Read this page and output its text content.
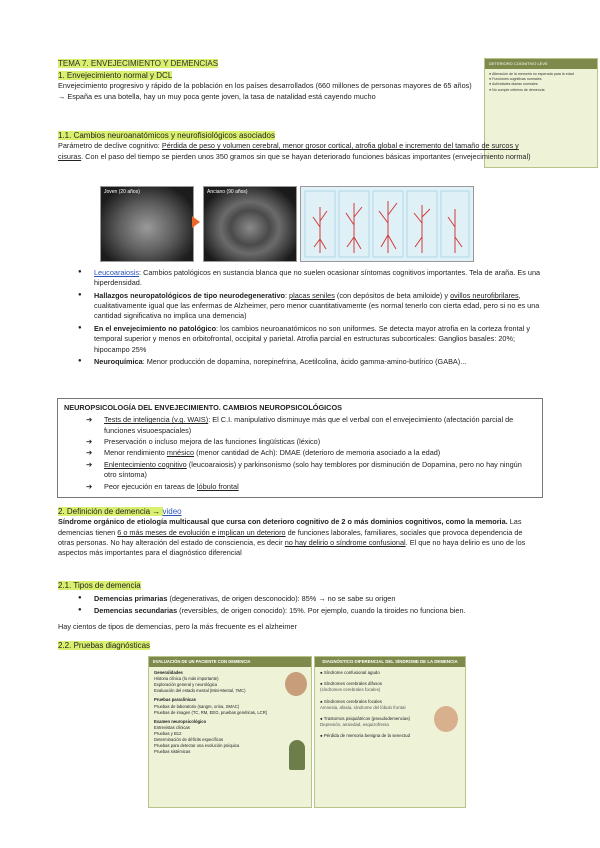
TEMA 7. ENVEJECIMIENTO Y DEMENCIAS	DETERIORO COGNITIVO LEVE
● Alteración de la memoria no esperada para la edad
● Funciones cognitivas normales
● Actividades diarias normales
● No cumple criterios de demencia

1. Envejecimiento normal y DCL

Envejecimiento progresivo y rápido de la población en los países desarrollados (660 millones de personas mayores de 65 años) → España es una botella, hay un muy poca gente joven, la tasa de natalidad está cayendo mucho

1.1. Cambios neuroanatómicos y neurofisiológicos asociados

Parámetro de declive cognitivo: Pérdida de peso y volumen cerebral, menor grosor cortical, atrofia global e incremento del tamaño de surcos y cisuras. Con el paso del tiempo se pierden unos 350 gramos sin que se hayan deteriorado funciones básicas importantes (envejecimiento normal)

Joven (20 años)	Anciano (90 años)
● Leucoaraiosis: Cambios patológicos en sustancia blanca que no suelen ocasionar síntomas cognitivos importantes. Tela de araña. Es una hiperdensidad.
● Hallazgos neuropatológicos de tipo neurodegenerativo: placas seniles (con depósitos de beta amiloide) y ovillos neurofibrilares, cualitativamente igual que las enfermas de Alzheimer, pero menor cuantitativamente (es normal tenerlo con cierta edad, pero si no es una cantidad significativa no implica una demencia)
● En el envejecimiento no patológico: los cambios neuroanatómicos no son uniformes. Se detecta mayor atrofia en la corteza frontal y temporal superior y menos en orbitofrontal, occipital y parietal. Atrofia parcial en estructuras subcorticales: Ganglios basales: 20%; hipocampo 25%
● Neuroquímica: Menor producción de dopamina, norepinefrina, Acetilcolina, ácido gamma-amino-butírico (GABA)...
NEUROPSICOLOGÍA DEL ENVEJECIMIENTO. CAMBIOS NEUROPSICOLÓGICOS
➔ Tests de inteligencia (v.g. WAIS): El C.I. manipulativo disminuye más que el verbal con el envejecimiento (afectación parcial de funciones visuoespaciales)
➔ Preservación o incluso mejora de las funciones lingüísticas (léxico)
➔ Menor rendimiento mnésico (menor cantidad de Ach): DMAE (deterioro de memoria asociado a la edad)
➔ Enlentecimiento cognitivo (leucoaraiosis) y parkinsonismo (solo hay temblores por disminución de Dopamina, pero no hay ningún otro síntoma)
➔ Peor ejecución en tareas de lóbulo frontal

2. Definición de demencia → video

Síndrome orgánico de etiología multicausal que cursa con deterioro cognitivo de 2 o más dominios cognitivos, como la memoria. Las demencias tienen 6 o más meses de evolución e implican un deterioro de funciones laborales, familiares, sociales que provoca dependencia de otras personas. No hay alteración del estado de consciencia, es decir no hay delirio o síndrome confusional. El que no haya delirio es uno de los aspectos más importantes para el diagnóstico diferencial

2.1. Tipos de demencia

● Demencias primarias (degenerativas, de origen desconocido): 85% → no se sabe su origen
● Demencias secundarias (reversibles, de origen conocido): 15%. Por ejemplo, cuando la tiroides no funciona bien.
Hay cientos de tipos de demencias, pero la más frecuente es el alzheimer

2.2. Pruebas diagnósticas

EVALUACIÓN DE UN PACIENTE CON DEMENCIA
Generalidades
Historia clínica (lo más importante)
Exploración general y neurológica
Evaluación del estado mental (Mini-Mental, 7MC)
Pruebas paraclínicas
Pruebas de laboratorio (sangre, orina, SMAC)
Pruebas de imagen (TC, RM, EEG, pruebas genéticas, LCR)
Examen neuropsicológico
Entrevistas clínicas
Pruebas y B12
Determinación de déficits específicos
Pruebas para detectar una evolución psíquica
Pruebas sistémicas
DIAGNÓSTICO DIFERENCIAL DEL SÍNDROME DE LA DEMENCIA
● Síndrome confusional agudo
● Síndromes cerebrales difusos
(síndromes cerebrales focales)
● Síndromes cerebrales focales
Amnesia, afasia, síndrome del lóbulo frontal
● Trastornos psiquiátricos (pseudodemencias)
Depresión, ansiedad, esquizofrenia
● Pérdida de memoria benigna de la senectud
